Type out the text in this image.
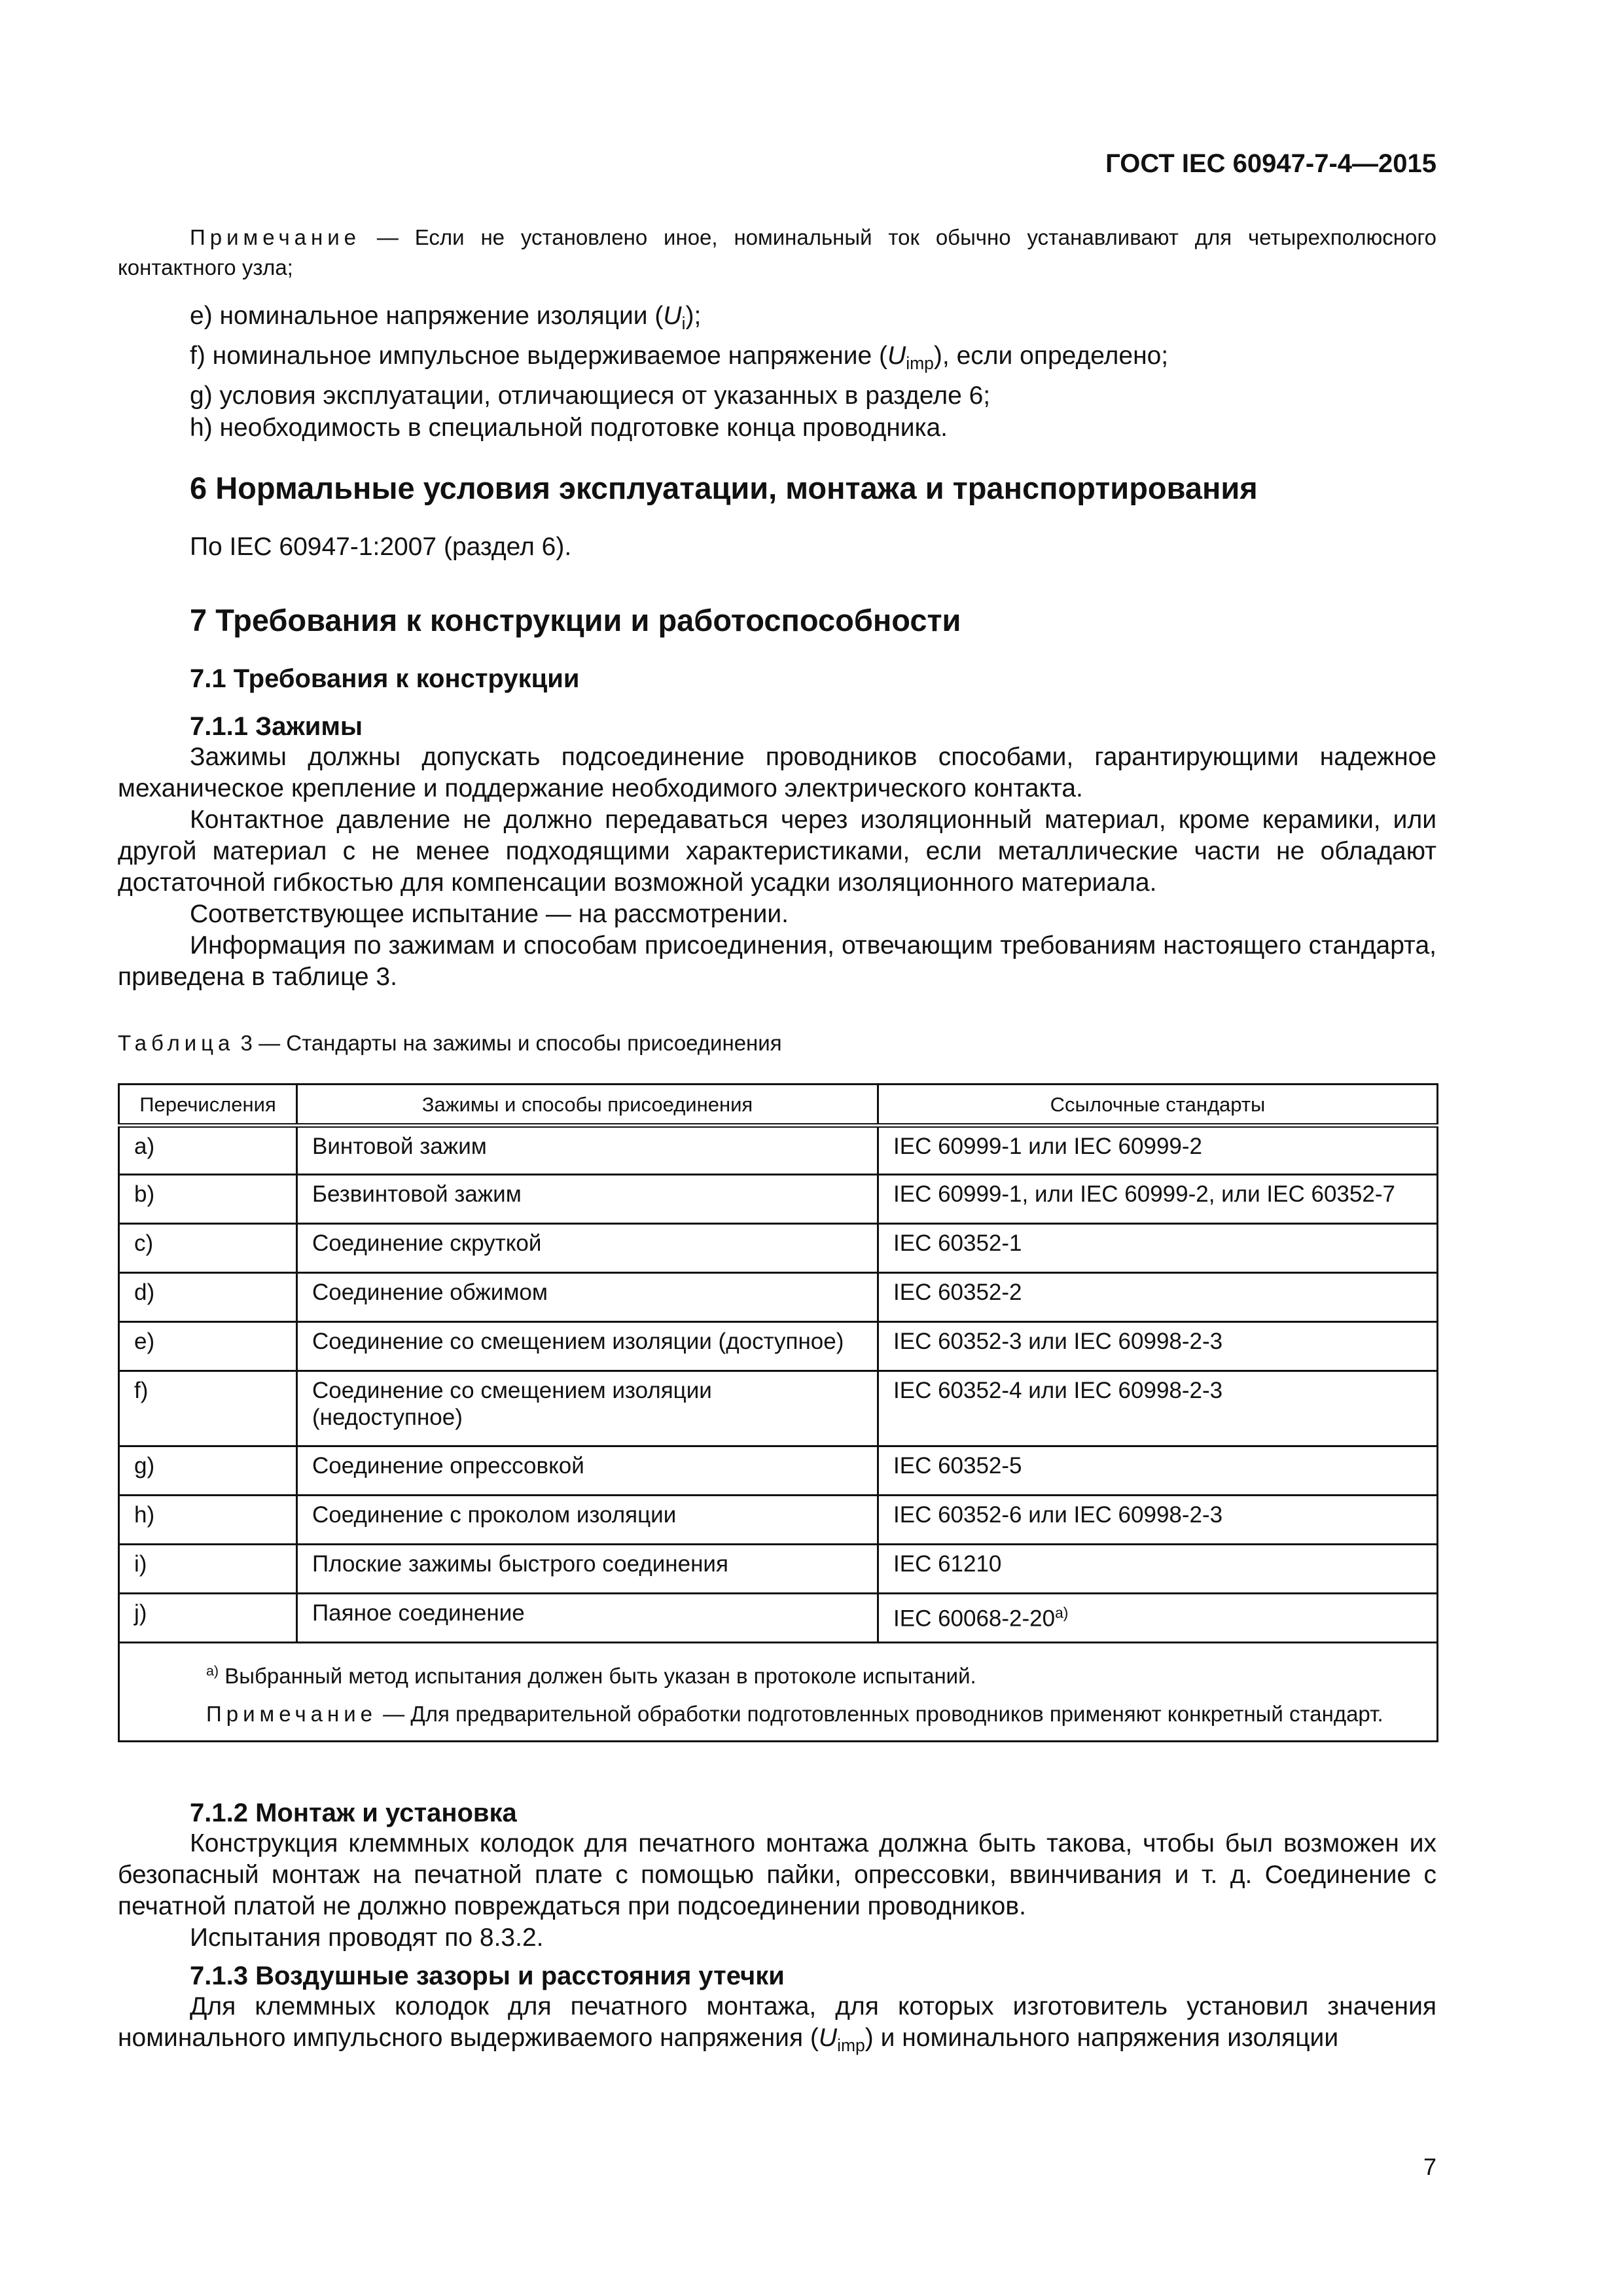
ГОСТ IEC 60947-7-4—2015
Примечание — Если не установлено иное, номинальный ток обычно устанавливают для четырехполюсного контактного узла;
e) номинальное напряжение изоляции $(U_i)$;
f) номинальное импульсное выдерживаемое напряжение $(U_{imp})$, если определено;
g) условия эксплуатации, отличающиеся от указанных в разделе 6;
h) необходимость в специальной подготовке конца проводника.
6 Нормальные условия эксплуатации, монтажа и транспортирования
По IEC 60947-1:2007 (раздел 6).
7 Требования к конструкции и работоспособности
7.1 Требования к конструкции
7.1.1 Зажимы
Зажимы должны допускать подсоединение проводников способами, гарантирующими надежное механическое крепление и поддержание необходимого электрического контакта.
Контактное давление не должно передаваться через изоляционный материал, кроме керамики, или другой материал с не менее подходящими характеристиками, если металлические части не обладают достаточной гибкостью для компенсации возможной усадки изоляционного материала.
Соответствующее испытание — на рассмотрении.
Информация по зажимам и способам присоединения, отвечающим требованиям настоящего стандарта, приведена в таблице 3.
Таблица 3 — Стандарты на зажимы и способы присоединения
Перечисления	Зажимы и способы присоединения	Ссылочные стандарты
a)	Винтовой зажим	IEC 60999-1 или IEC 60999-2
b)	Безвинтовой зажим	IEC 60999-1, или IEC 60999-2, или IEC 60352-7
c)	Соединение скруткой	IEC 60352-1
d)	Соединение обжимом	IEC 60352-2
e)	Соединение со смещением изоляции (доступное)	IEC 60352-3 или IEC 60998-2-3
f)	Соединение со смещением изоляции (недоступное)	IEC 60352-4 или IEC 60998-2-3
g)	Соединение опрессовкой	IEC 60352-5
h)	Соединение с проколом изоляции	IEC 60352-6 или IEC 60998-2-3
i)	Плоские зажимы быстрого соединения	IEC 61210
j)	Паяное соединение	IEC 60068-2-20$^{a)}$

$^{a)}$ Выбранный метод испытания должен быть указан в протоколе испытаний.
Примечание — Для предварительной обработки подготовленных проводников применяют конкретный стандарт.		
7.1.2 Монтаж и установка
Конструкция клеммных колодок для печатного монтажа должна быть такова, чтобы был возможен их безопасный монтаж на печатной плате с помощью пайки, опрессовки, ввинчивания и т. д. Соединение с печатной платой не должно повреждаться при подсоединении проводников.
Испытания проводят по 8.3.2.
7.1.3 Воздушные зазоры и расстояния утечки
Для клеммных колодок для печатного монтажа, для которых изготовитель установил значения номинального импульсного выдерживаемого напряжения $(U_{imp})$ и номинального напряжения изоляции
7
